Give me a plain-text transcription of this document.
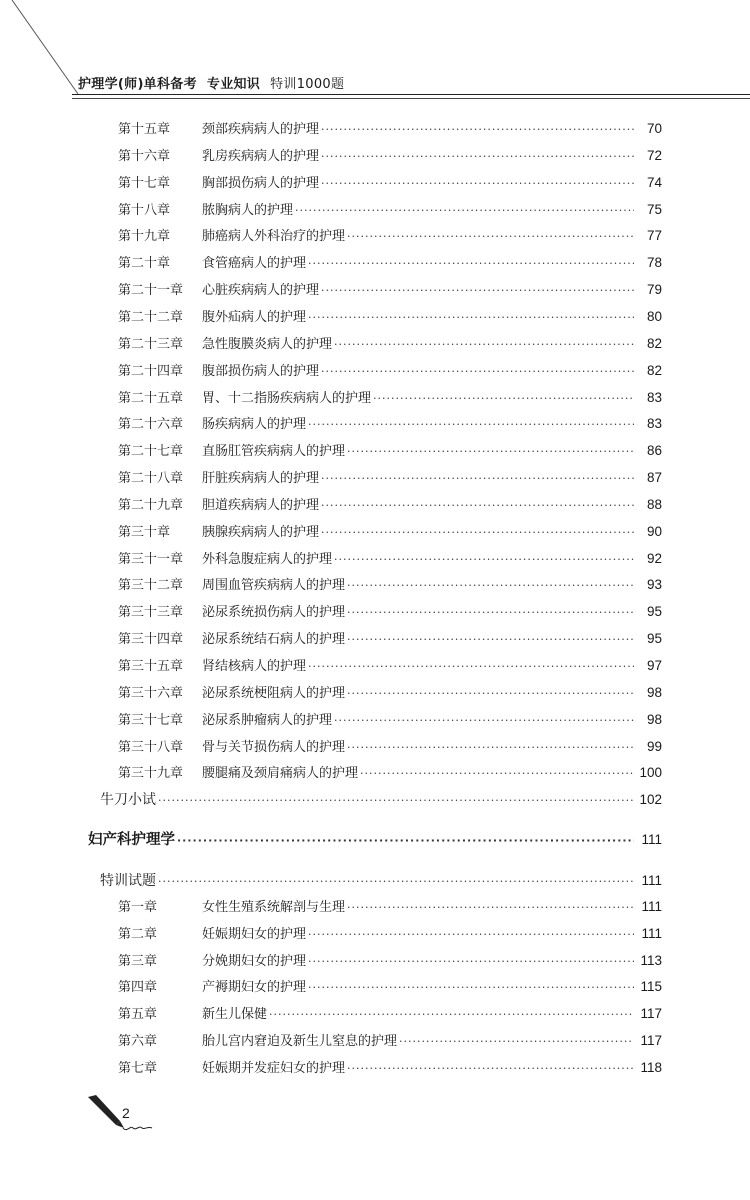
护理学(师)单科备考 专业知识 特训1000题
第十五章	颈部疾病病人的护理 ·····	70
第十六章	乳房疾病病人的护理 ·····	72
第十七章	胸部损伤病人的护理 ·····	74
第十八章	脓胸病人的护理 ·····	75
第十九章	肺癌病人外科治疗的护理 ·····	77
第二十章	食管癌病人的护理 ·····	78
第二十一章	心脏疾病病人的护理 ·····	79
第二十二章	腹外疝病人的护理 ·····	80
第二十三章	急性腹膜炎病人的护理 ·····	82
第二十四章	腹部损伤病人的护理 ·····	82
第二十五章	胃、十二指肠疾病病人的护理 ·····	83
第二十六章	肠疾病病人的护理 ·····	83
第二十七章	直肠肛管疾病病人的护理 ·····	86
第二十八章	肝脏疾病病人的护理 ·····	87
第二十九章	胆道疾病病人的护理 ·····	88
第三十章	胰腺疾病病人的护理 ·····	90
第三十一章	外科急腹症病人的护理 ·····	92
第三十二章	周围血管疾病病人的护理 ·····	93
第三十三章	泌尿系统损伤病人的护理 ·····	95
第三十四章	泌尿系统结石病人的护理 ·····	95
第三十五章	肾结核病人的护理 ·····	97
第三十六章	泌尿系统梗阻病人的护理 ·····	98
第三十七章	泌尿系肿瘤病人的护理 ·····	98
第三十八章	骨与关节损伤病人的护理 ·····	99
第三十九章	腰腿痛及颈肩痛病人的护理 ·····	100
牛刀小试 ·····	102
妇产科护理学 ·····	111
特训试题 ·····	111
第一章	女性生殖系统解剖与生理 ·····	111
第二章	妊娠期妇女的护理 ·····	111
第三章	分娩期妇女的护理 ·····	113
第四章	产褥期妇女的护理 ·····	115
第五章	新生儿保健 ·····	117
第六章	胎儿宫内窘迫及新生儿窒息的护理 ·····	117
第七章	妊娠期并发症妇女的护理 ·····	118
2
